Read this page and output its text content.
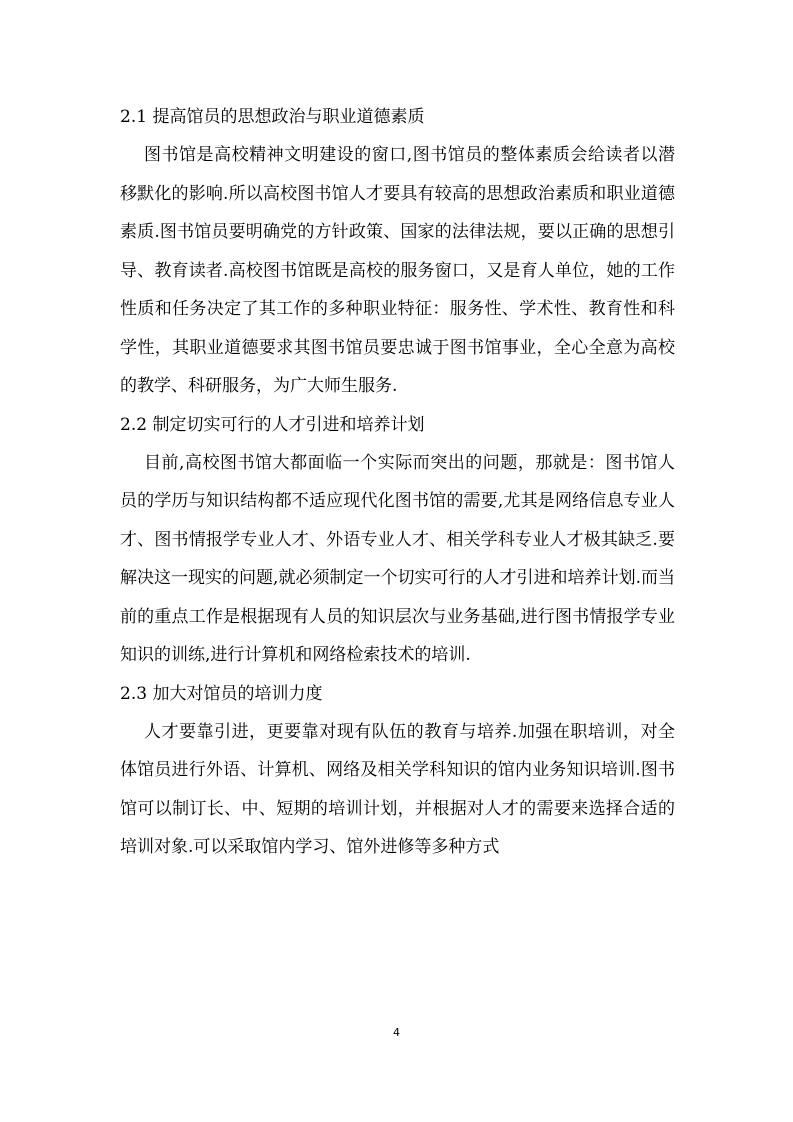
2.1 提高馆员的思想政治与职业道德素质

图书馆是高校精神文明建设的窗口,图书馆员的整体素质会给读者以潜移默化的影响.所以高校图书馆人才要具有较高的思想政治素质和职业道德素质.图书馆员要明确党的方针政策、国家的法律法规，要以正确的思想引导、教育读者.高校图书馆既是高校的服务窗口，又是育人单位，她的工作性质和任务决定了其工作的多种职业特征：服务性、学术性、教育性和科学性，其职业道德要求其图书馆员要忠诚于图书馆事业，全心全意为高校的教学、科研服务，为广大师生服务.

2.2 制定切实可行的人才引进和培养计划

目前,高校图书馆大都面临一个实际而突出的问题，那就是：图书馆人员的学历与知识结构都不适应现代化图书馆的需要,尤其是网络信息专业人才、图书情报学专业人才、外语专业人才、相关学科专业人才极其缺乏.要解决这一现实的问题,就必须制定一个切实可行的人才引进和培养计划.而当前的重点工作是根据现有人员的知识层次与业务基础,进行图书情报学专业知识的训练,进行计算机和网络检索技术的培训.

2.3 加大对馆员的培训力度

人才要靠引进，更要靠对现有队伍的教育与培养.加强在职培训，对全体馆员进行外语、计算机、网络及相关学科知识的馆内业务知识培训.图书馆可以制订长、中、短期的培训计划，并根据对人才的需要来选择合适的培训对象.可以采取馆内学习、馆外进修等多种方式

4
